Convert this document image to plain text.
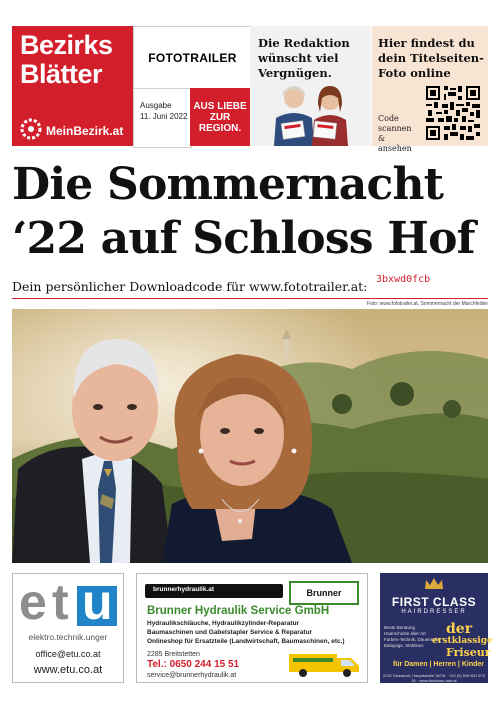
Bezirks
Blätter
MeinBezirk.at
FOTOTRAILER
Ausgabe
11. Juni 2022
AUS LIEBE
ZUR
REGION.
Die Redaktion wünscht viel Vergnügen.
Hier findest du dein Titelseiten-Foto online
Code scannen & ansehen
Die Sommernacht
‘22 auf Schloss Hof
Dein persönlicher Downloadcode für www.fototrailer.at: 3bxwd0fcb
Foto: www.fototrailer.at, Sommernacht der Marchfelder
e t u
elektro.technik.unger
office@etu.co.at
www.etu.co.at
brunnerhydraulik.at	Brunner
Brunner Hydraulik Service GmbH
Hydraulikschläuche, Hydraulikzylinder-Reparatur
Baumaschinen und Gabelstapler Service & Reparatur
Onlineshop für Ersatzteile (Landwirtschaft, Baumaschinen, etc.)
2285 Breitstetten
Tel.: 0650 244 15 51
service@brunnerhydraulik.at
FIRST CLASS
HAIRDRESSER
Beste Beratung
Haarschnitte aller Art
Farben-Technik, Dauerwelle
Balayage, Strähnen
der
erstklassige
Friseur
für Damen | Herren | Kinder
2231 Strasshof, Hauptstraße 367/8 · +43 (0) 699 801 870 30 · www.firstclass-hair.at
